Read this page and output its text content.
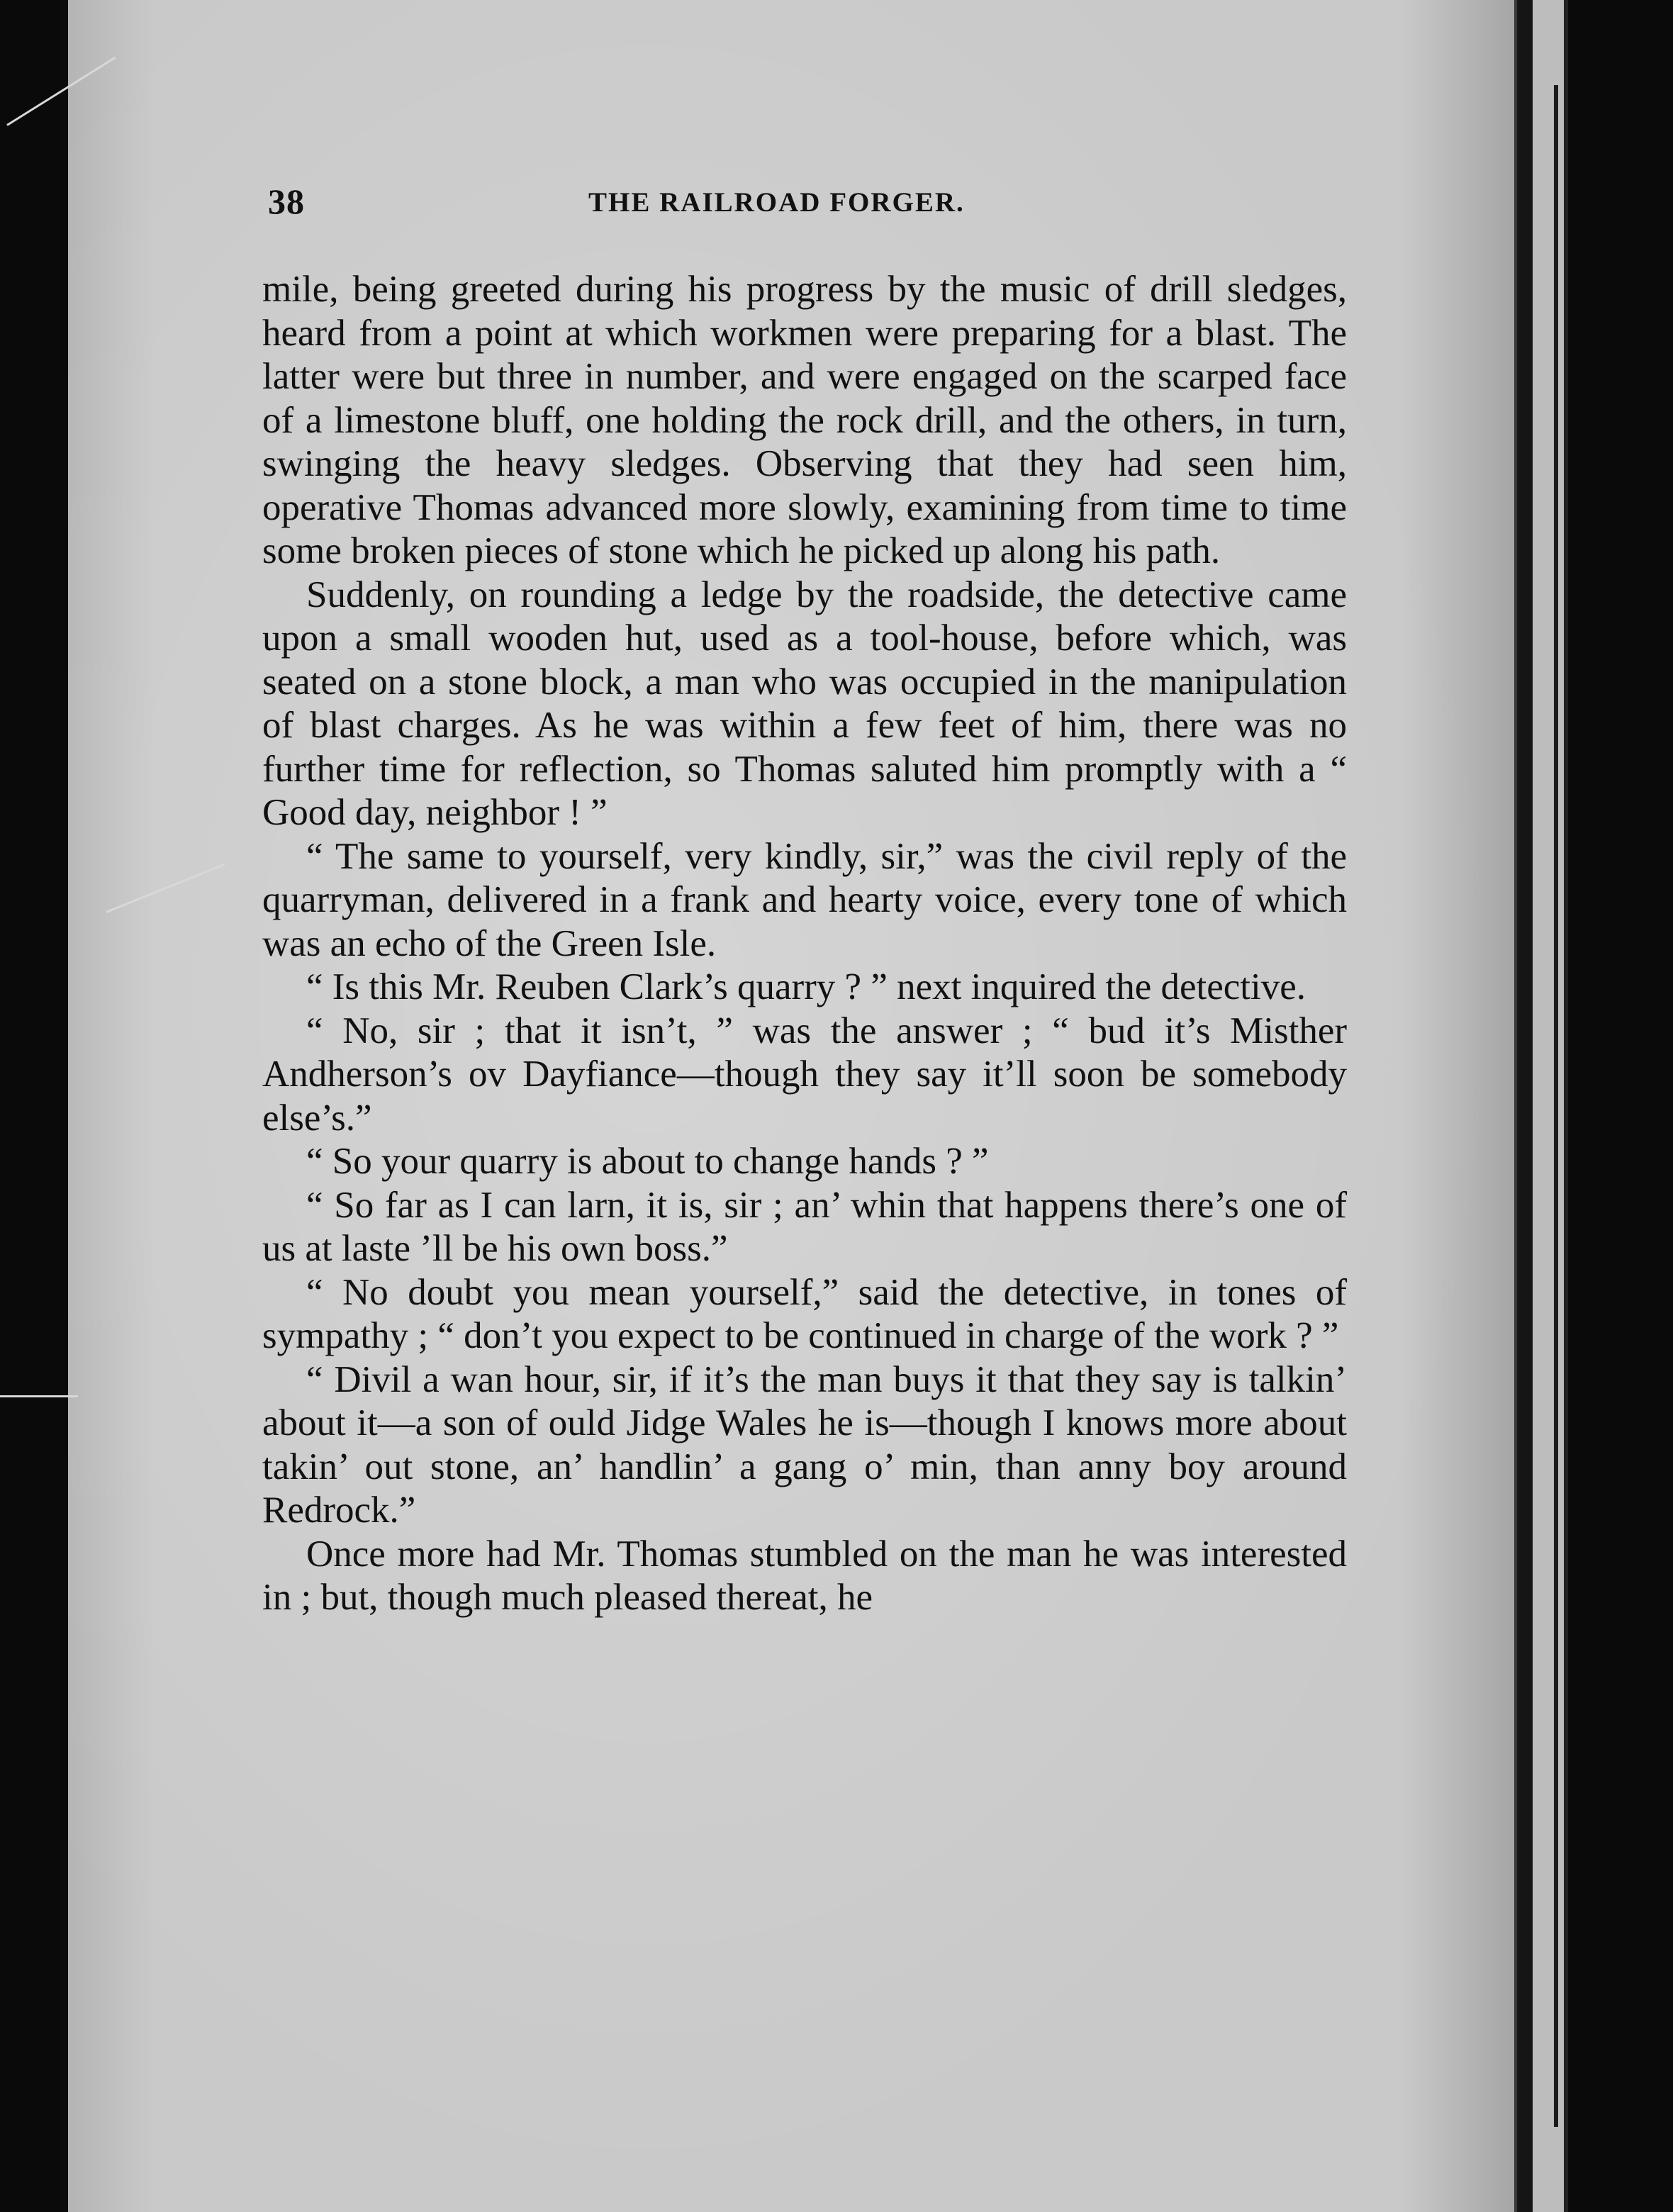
38	THE RAILROAD FORGER.

mile, being greeted during his progress by the music of drill sledges, heard from a point at which workmen were preparing for a blast. The latter were but three in number, and were engaged on the scarped face of a limestone bluff, one holding the rock drill, and the others, in turn, swinging the heavy sledges. Observing that they had seen him, operative Thomas advanced more slowly, examining from time to time some broken pieces of stone which he picked up along his path.

Suddenly, on rounding a ledge by the roadside, the detective came upon a small wooden hut, used as a tool-house, before which, was seated on a stone block, a man who was occupied in the manipulation of blast charges. As he was within a few feet of him, there was no further time for reflection, so Thomas saluted him promptly with a “ Good day, neighbor ! ”

“ The same to yourself, very kindly, sir,” was the civil reply of the quarryman, delivered in a frank and hearty voice, every tone of which was an echo of the Green Isle.

“ Is this Mr. Reuben Clark’s quarry ? ” next inquired the detective.

“ No, sir ; that it isn’t, ” was the answer ; “ bud it’s Misther Andherson’s ov Dayfiance—though they say it’ll soon be somebody else’s.”

“ So your quarry is about to change hands ? ”

“ So far as I can larn, it is, sir ; an’ whin that happens there’s one of us at laste ’ll be his own boss.”

“ No doubt you mean yourself,” said the detective, in tones of sympathy ; “ don’t you expect to be continued in charge of the work ? ”

“ Divil a wan hour, sir, if it’s the man buys it that they say is talkin’ about it—a son of ould Jidge Wales he is—though I knows more about takin’ out stone, an’ handlin’ a gang o’ min, than anny boy around Redrock.”

Once more had Mr. Thomas stumbled on the man he was interested in ; but, though much pleased thereat, he
